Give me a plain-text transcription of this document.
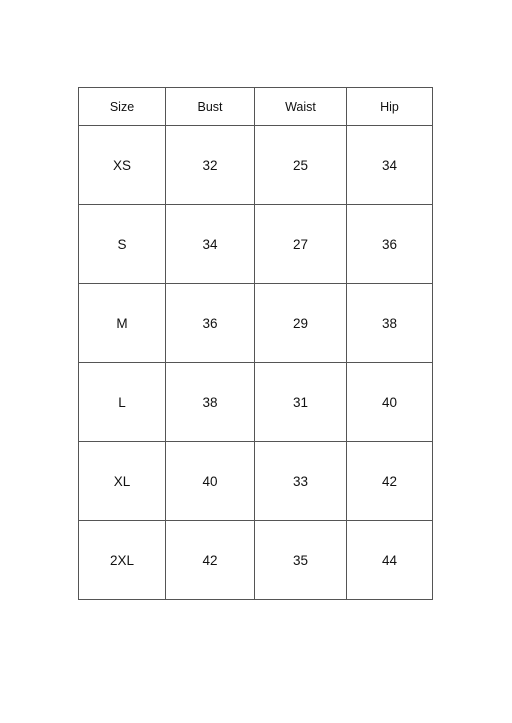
Size	Bust	Waist	Hip
XS	32	25	34
S	34	27	36
M	36	29	38
L	38	31	40
XL	40	33	42
2XL	42	35	44
